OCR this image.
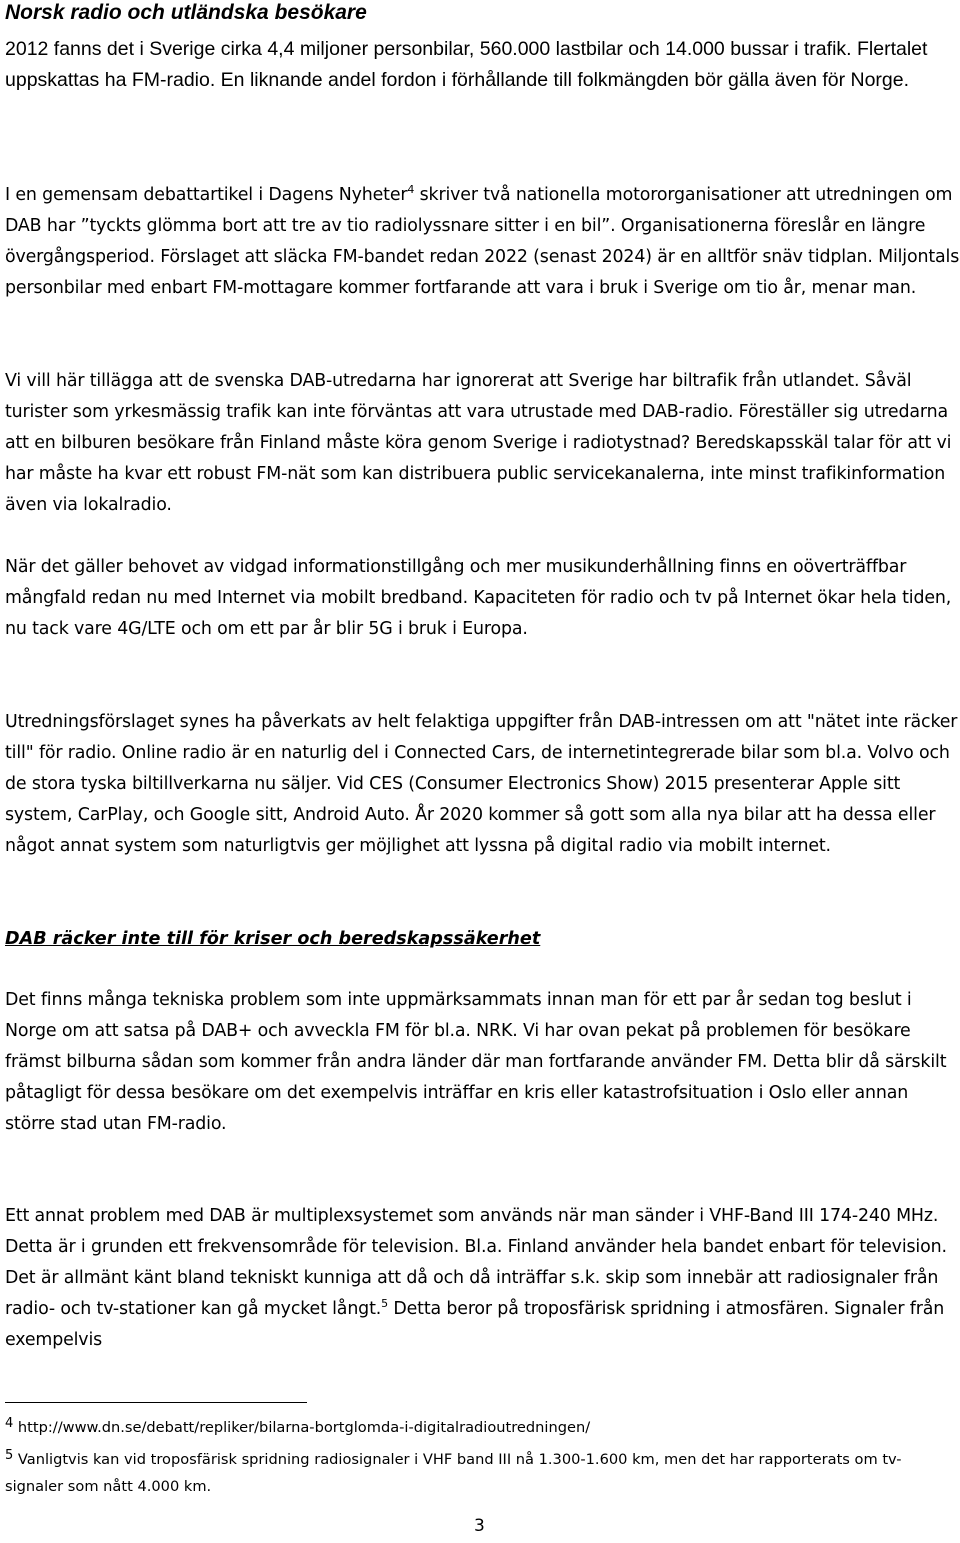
Norsk radio och utländska besökare

2012 fanns det i Sverige cirka 4,4 miljoner personbilar, 560.000 lastbilar och 14.000 bussar i trafik. Flertalet uppskattas ha FM-radio. En liknande andel fordon i förhållande till folkmängden bör gälla även för Norge.

I en gemensam debattartikel i Dagens Nyheter$^4$ skriver två nationella motororganisationer att utredningen om DAB har ”tyckts glömma bort att tre av tio radiolyssnare sitter i en bil”. Organisationerna föreslår en längre övergångsperiod. Förslaget att släcka FM-bandet redan 2022 (senast 2024) är en alltför snäv tidplan. Miljontals personbilar med enbart FM-mottagare kommer fortfarande att vara i bruk i Sverige om tio år, menar man.

Vi vill här tillägga att de svenska DAB-utredarna har ignorerat att Sverige har biltrafik från utlandet. Såväl turister som yrkesmässig trafik kan inte förväntas att vara utrustade med DAB-radio. Föreställer sig utredarna att en bilburen besökare från Finland måste köra genom Sverige i radiotystnad? Beredskapsskäl talar för att vi har måste ha kvar ett robust FM-nät som kan distribuera public servicekanalerna, inte minst trafikinformation även via lokalradio.

När det gäller behovet av vidgad informationstillgång och mer musikunderhållning finns en oöverträffbar mångfald redan nu med Internet via mobilt bredband. Kapaciteten för radio och tv på Internet ökar hela tiden, nu tack vare 4G/LTE och om ett par år blir 5G i bruk i Europa.

Utredningsförslaget synes ha påverkats av helt felaktiga uppgifter från DAB-intressen om att "nätet inte räcker till" för radio. Online radio är en naturlig del i Connected Cars, de internetintegrerade bilar som bl.a. Volvo och de stora tyska biltillverkarna nu säljer. Vid CES (Consumer Electronics Show) 2015 presenterar Apple sitt system, CarPlay, och Google sitt, Android Auto. År 2020 kommer så gott som alla nya bilar att ha dessa eller något annat system som naturligtvis ger möjlighet att lyssna på digital radio via mobilt internet.

DAB räcker inte till för kriser och beredskapssäkerhet

Det finns många tekniska problem som inte uppmärksammats innan man för ett par år sedan tog beslut i Norge om att satsa på DAB+ och avveckla FM för bl.a. NRK. Vi har ovan pekat på problemen för besökare främst bilburna sådan som kommer från andra länder där man fortfarande använder FM. Detta blir då särskilt påtagligt för dessa besökare om det exempelvis inträffar en kris eller katastrofsituation i Oslo eller annan större stad utan FM-radio.

Ett annat problem med DAB är multiplexsystemet som används när man sänder i VHF-Band III 174-240 MHz. Detta är i grunden ett frekvensområde för television. Bl.a. Finland använder hela bandet enbart för television. Det är allmänt känt bland tekniskt kunniga att då och då inträffar s.k. skip som innebär att radiosignaler från radio- och tv-stationer kan gå mycket långt.$^5$ Detta beror på troposfärisk spridning i atmosfären. Signaler från exempelvis

$^4$ http://www.dn.se/debatt/repliker/bilarna-bortglomda-i-digitalradioutredningen/

$^5$ Vanligtvis kan vid troposfärisk spridning radiosignaler i VHF band III nå 1.300-1.600 km, men det har rapporterats om tv-signaler som nått 4.000 km.

3
